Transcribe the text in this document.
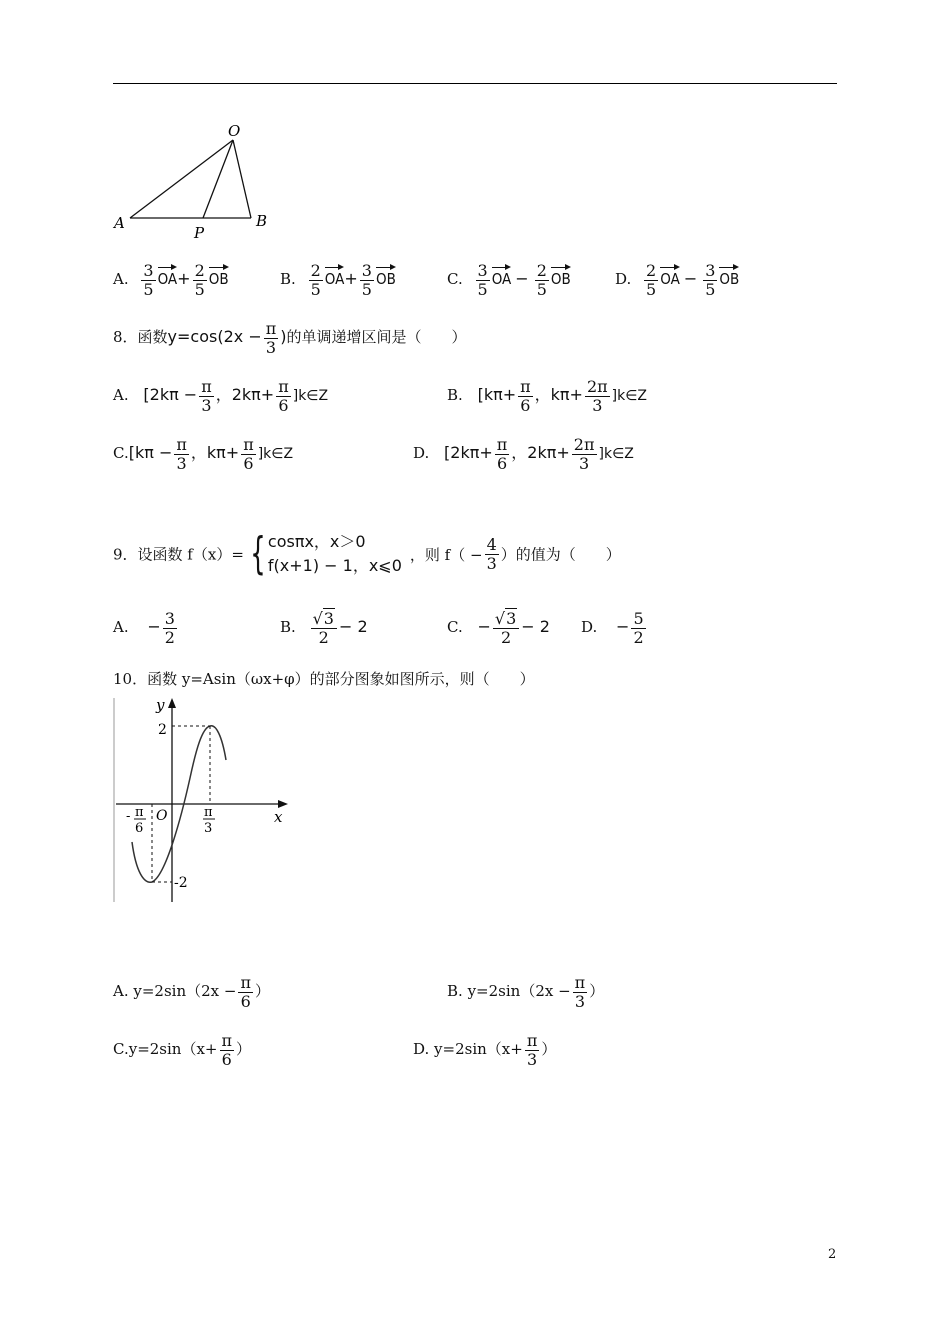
O
A	B
P
A. $\frac{3}{5} OA+ \frac{2}{5}$ OB	B. $\frac{2}{5} OA+ \frac{3}{5}$ OB	C. $\frac{3}{5}$ OA − $\frac{2}{5}$ OB	D. $\frac{2}{5}$ OA − $\frac{3}{5}$ OB
8．函数$y=\cos(2x - \frac{\pi}{3}$ )的单调递增区间是（　　）
A. [$2k\pi - \frac{\pi}{3}$ ，$2k\pi+ \frac{\pi}{6}$ ]k∈Z	B. [$k\pi+ \frac{\pi}{6}$ ，$k\pi+ \frac{2\pi}{3}$ ]k∈Z
$C.[k\pi - \frac{\pi}{3}$ ，$k\pi+ \frac{\pi}{6}$ ]k∈Z	D. [$2k\pi+ \frac{\pi}{6}$ ，$2k\pi+ \frac{2\pi}{3}$ ]k∈Z
9．设函数 f（x）= { cosπx，x＞0
f(x+1) − 1，x⩽0
，则 $f( - \frac{4}{3}$ ）的值为（　　）
A. − $\frac{3}{2}$	B. $\frac{√3}{2} - 2$	C. − $\frac{√3}{2} - 2$ D. − $\frac{5}{2}$
10．函数 y=Asin（ωx+φ）的部分图象如图所示，则（　　）
y
x
O
2
-2
- π
6
π
3
A. $y=2\sin(2x - \frac{\pi}{6}$ ）	B. $y=2\sin(2x - \frac{\pi}{3}$ ）
$C.y=2\sin(x+ \frac{\pi}{6}$ ）	D. $y=2\sin(x+ \frac{\pi}{3}$ ）
2
